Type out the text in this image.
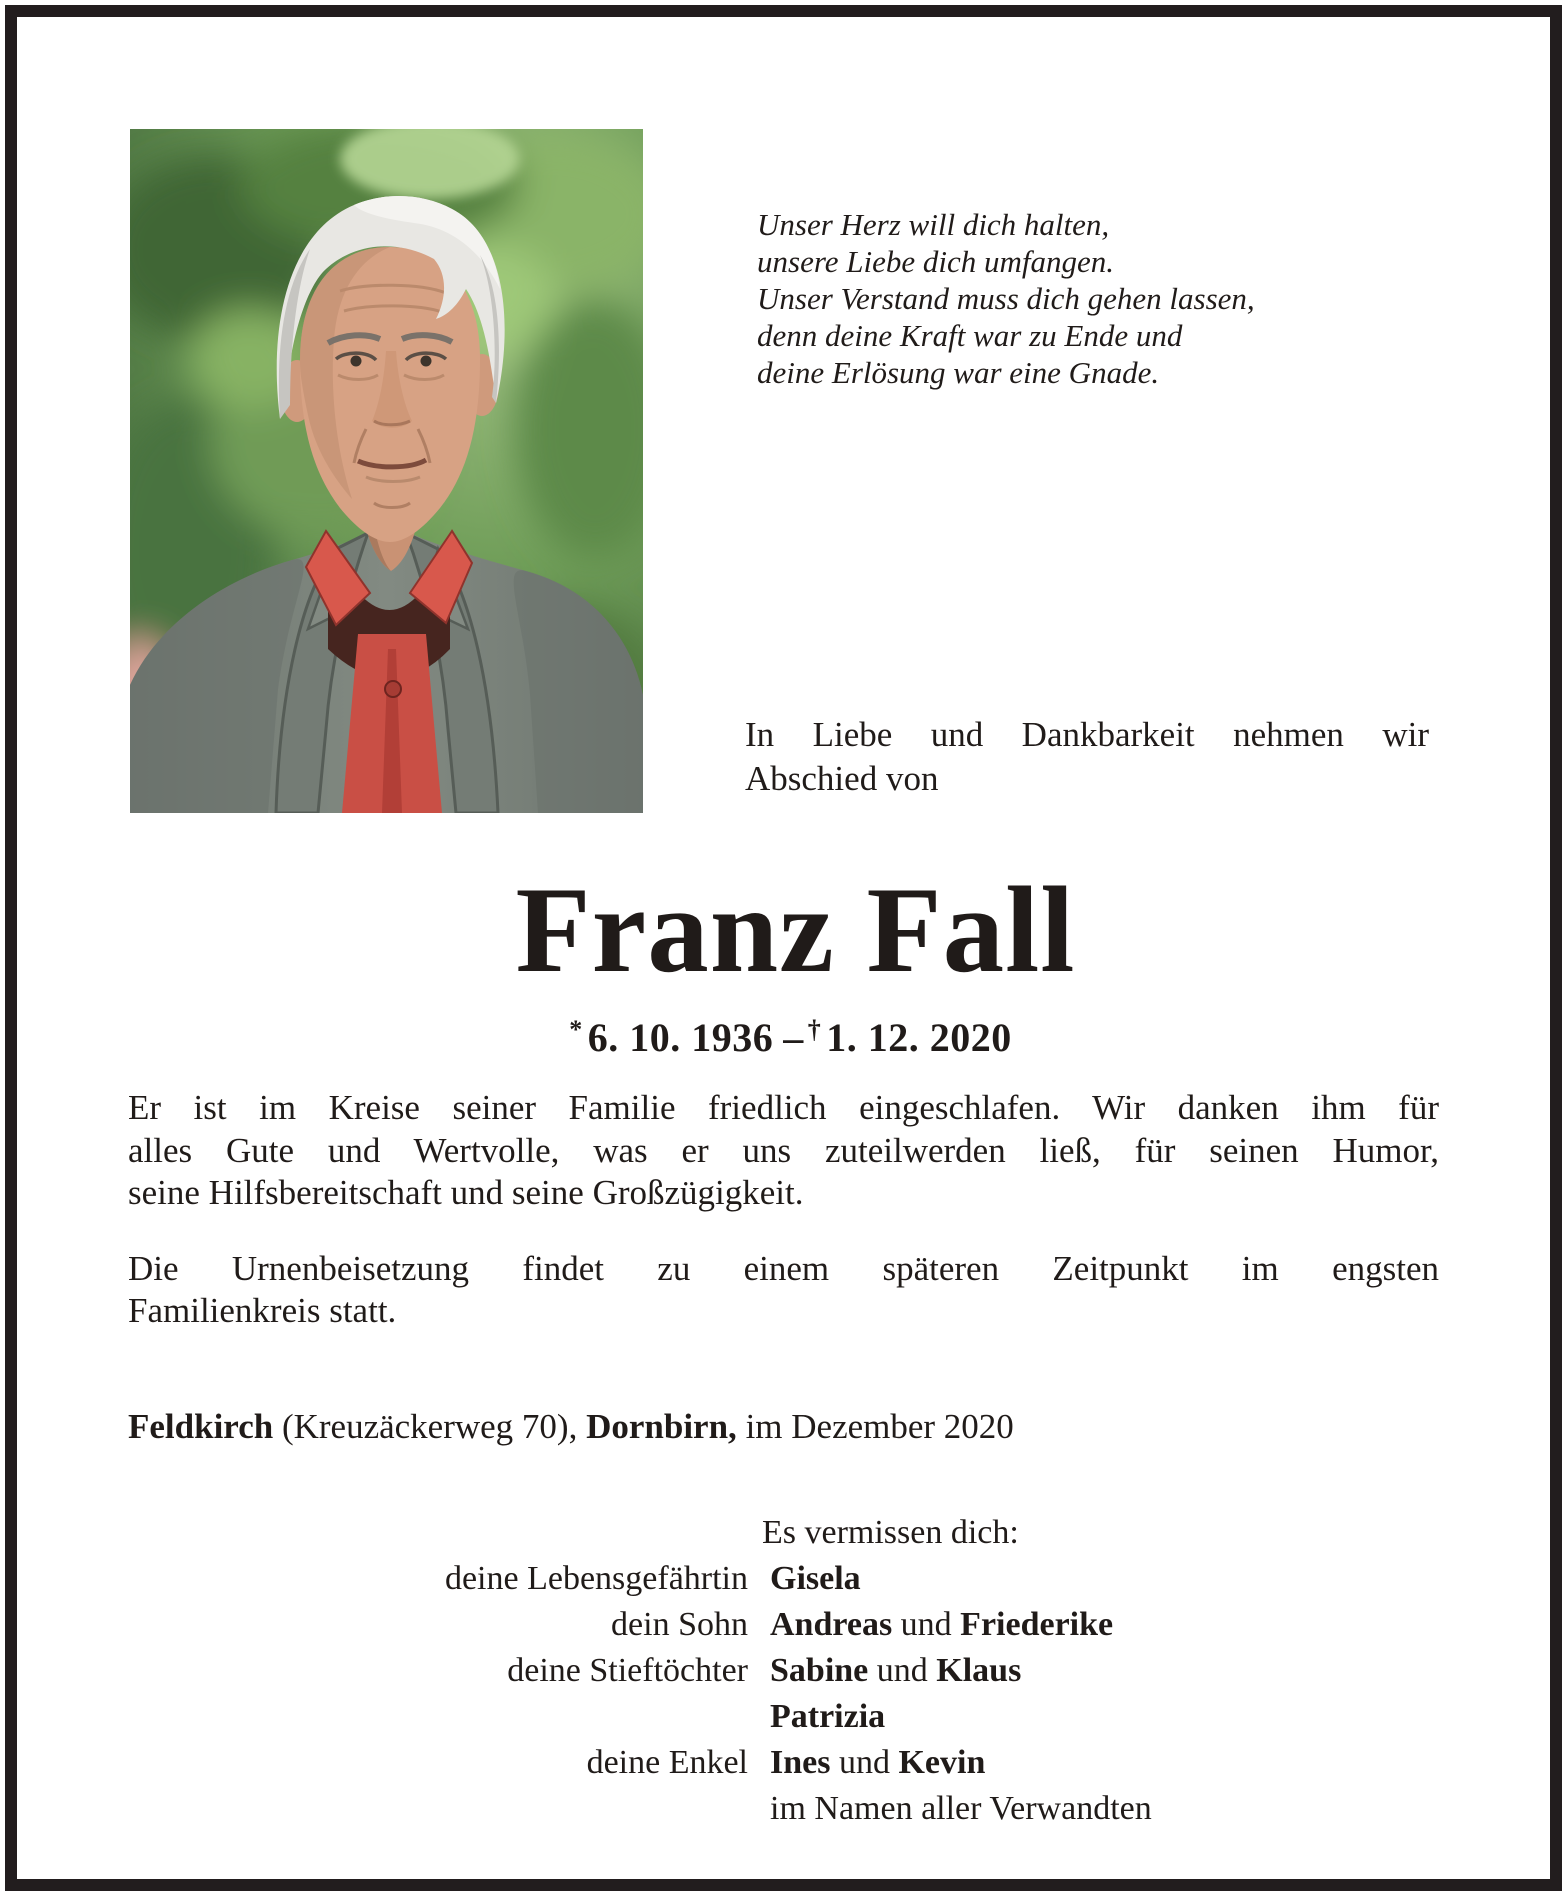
Unser Herz will dich halten,
unsere Liebe dich umfangen.
Unser Verstand muss dich gehen lassen,
denn deine Kraft war zu Ende und
deine Erlösung war eine Gnade.
In Liebe und Dankbarkeit nehmen wir
Abschied von
Franz Fall
* 6. 10. 1936 – † 1. 12. 2020
Er ist im Kreise seiner Familie friedlich eingeschlafen. Wir danken ihm für
alles Gute und Wertvolle, was er uns zuteilwerden ließ, für seinen Humor,
seine Hilfsbereitschaft und seine Großzügigkeit.
Die Urnenbeisetzung findet zu einem späteren Zeitpunkt im engsten
Familienkreis statt.
Feldkirch (Kreuzäckerweg 70), Dornbirn, im Dezember 2020
Es vermissen dich:
deine Lebensgefährtin Gisela
dein Sohn Andreas und Friederike
deine Stieftöchter Sabine und Klaus
Patrizia
deine Enkel Ines und Kevin
im Namen aller Verwandten
